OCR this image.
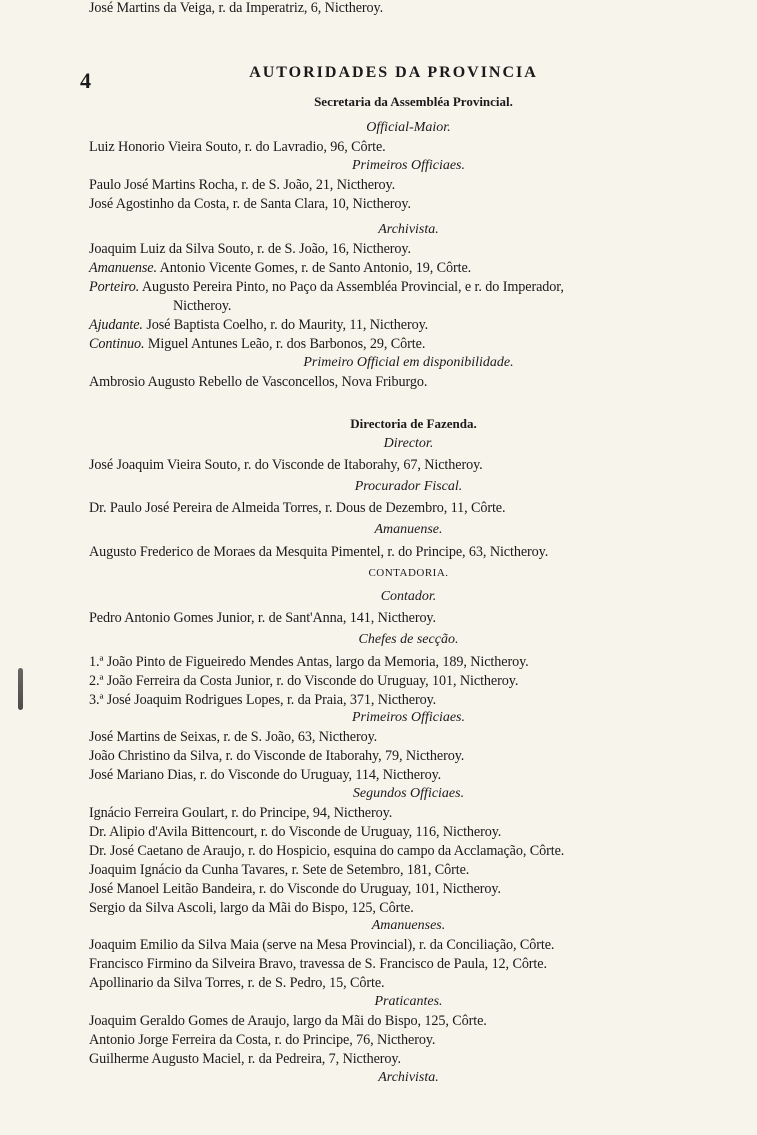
4	AUTORIDADES DA PROVINCIA
Secretaria da Assembléa Provincial.
Official-Maior.
Luiz Honorio Vieira Souto, r. do Lavradio, 96, Côrte.
Primeiros Officiaes.
Paulo José Martins Rocha, r. de S. João, 21, Nictheroy.
José Agostinho da Costa, r. de Santa Clara, 10, Nictheroy.
Archivista.
Joaquim Luiz da Silva Souto, r. de S. João, 16, Nictheroy.
Amanuense. Antonio Vicente Gomes, r. de Santo Antonio, 19, Côrte.
Porteiro. Augusto Pereira Pinto, no Paço da Assembléa Provincial, e r. do Imperador,
Nictheroy.
Ajudante. José Baptista Coelho, r. do Maurity, 11, Nictheroy.
Continuo. Miguel Antunes Leão, r. dos Barbonos, 29, Côrte.
Primeiro Official em disponibilidade.
Ambrosio Augusto Rebello de Vasconcellos, Nova Friburgo.
Directoria de Fazenda.
Director.
José Joaquim Vieira Souto, r. do Visconde de Itaborahy, 67, Nictheroy.
Procurador Fiscal.
Dr. Paulo José Pereira de Almeida Torres, r. Dous de Dezembro, 11, Côrte.
Amanuense.
Augusto Frederico de Moraes da Mesquita Pimentel, r. do Principe, 63, Nictheroy.
CONTADORIA.
Contador.
Pedro Antonio Gomes Junior, r. de Sant'Anna, 141, Nictheroy.
Chefes de secção.
1.ª João Pinto de Figueiredo Mendes Antas, largo da Memoria, 189, Nictheroy.
2.ª João Ferreira da Costa Junior, r. do Visconde do Uruguay, 101, Nictheroy.
3.ª José Joaquim Rodrigues Lopes, r. da Praia, 371, Nictheroy.
Primeiros Officiaes.
José Martins de Seixas, r. de S. João, 63, Nictheroy.
João Christino da Silva, r. do Visconde de Itaborahy, 79, Nictheroy.
José Mariano Dias, r. do Visconde do Uruguay, 114, Nictheroy.
Segundos Officiaes.
Ignácio Ferreira Goulart, r. do Principe, 94, Nictheroy.
Dr. Alipio d'Avila Bittencourt, r. do Visconde de Uruguay, 116, Nictheroy.
Dr. José Caetano de Araujo, r. do Hospicio, esquina do campo da Acclamação, Côrte.
Joaquim Ignácio da Cunha Tavares, r. Sete de Setembro, 181, Côrte.
José Manoel Leitão Bandeira, r. do Visconde do Uruguay, 101, Nictheroy.
Sergio da Silva Ascoli, largo da Mãi do Bispo, 125, Côrte.
Amanuenses.
Joaquim Emilio da Silva Maia (serve na Mesa Provincial), r. da Conciliação, Côrte.
Francisco Firmino da Silveira Bravo, travessa de S. Francisco de Paula, 12, Côrte.
Apollinario da Silva Torres, r. de S. Pedro, 15, Côrte.
Praticantes.
Joaquim Geraldo Gomes de Araujo, largo da Mãi do Bispo, 125, Côrte.
Antonio Jorge Ferreira da Costa, r. do Principe, 76, Nictheroy.
Guilherme Augusto Maciel, r. da Pedreira, 7, Nictheroy.
Archivista.
José Martins da Veiga, r. da Imperatriz, 6, Nictheroy.
